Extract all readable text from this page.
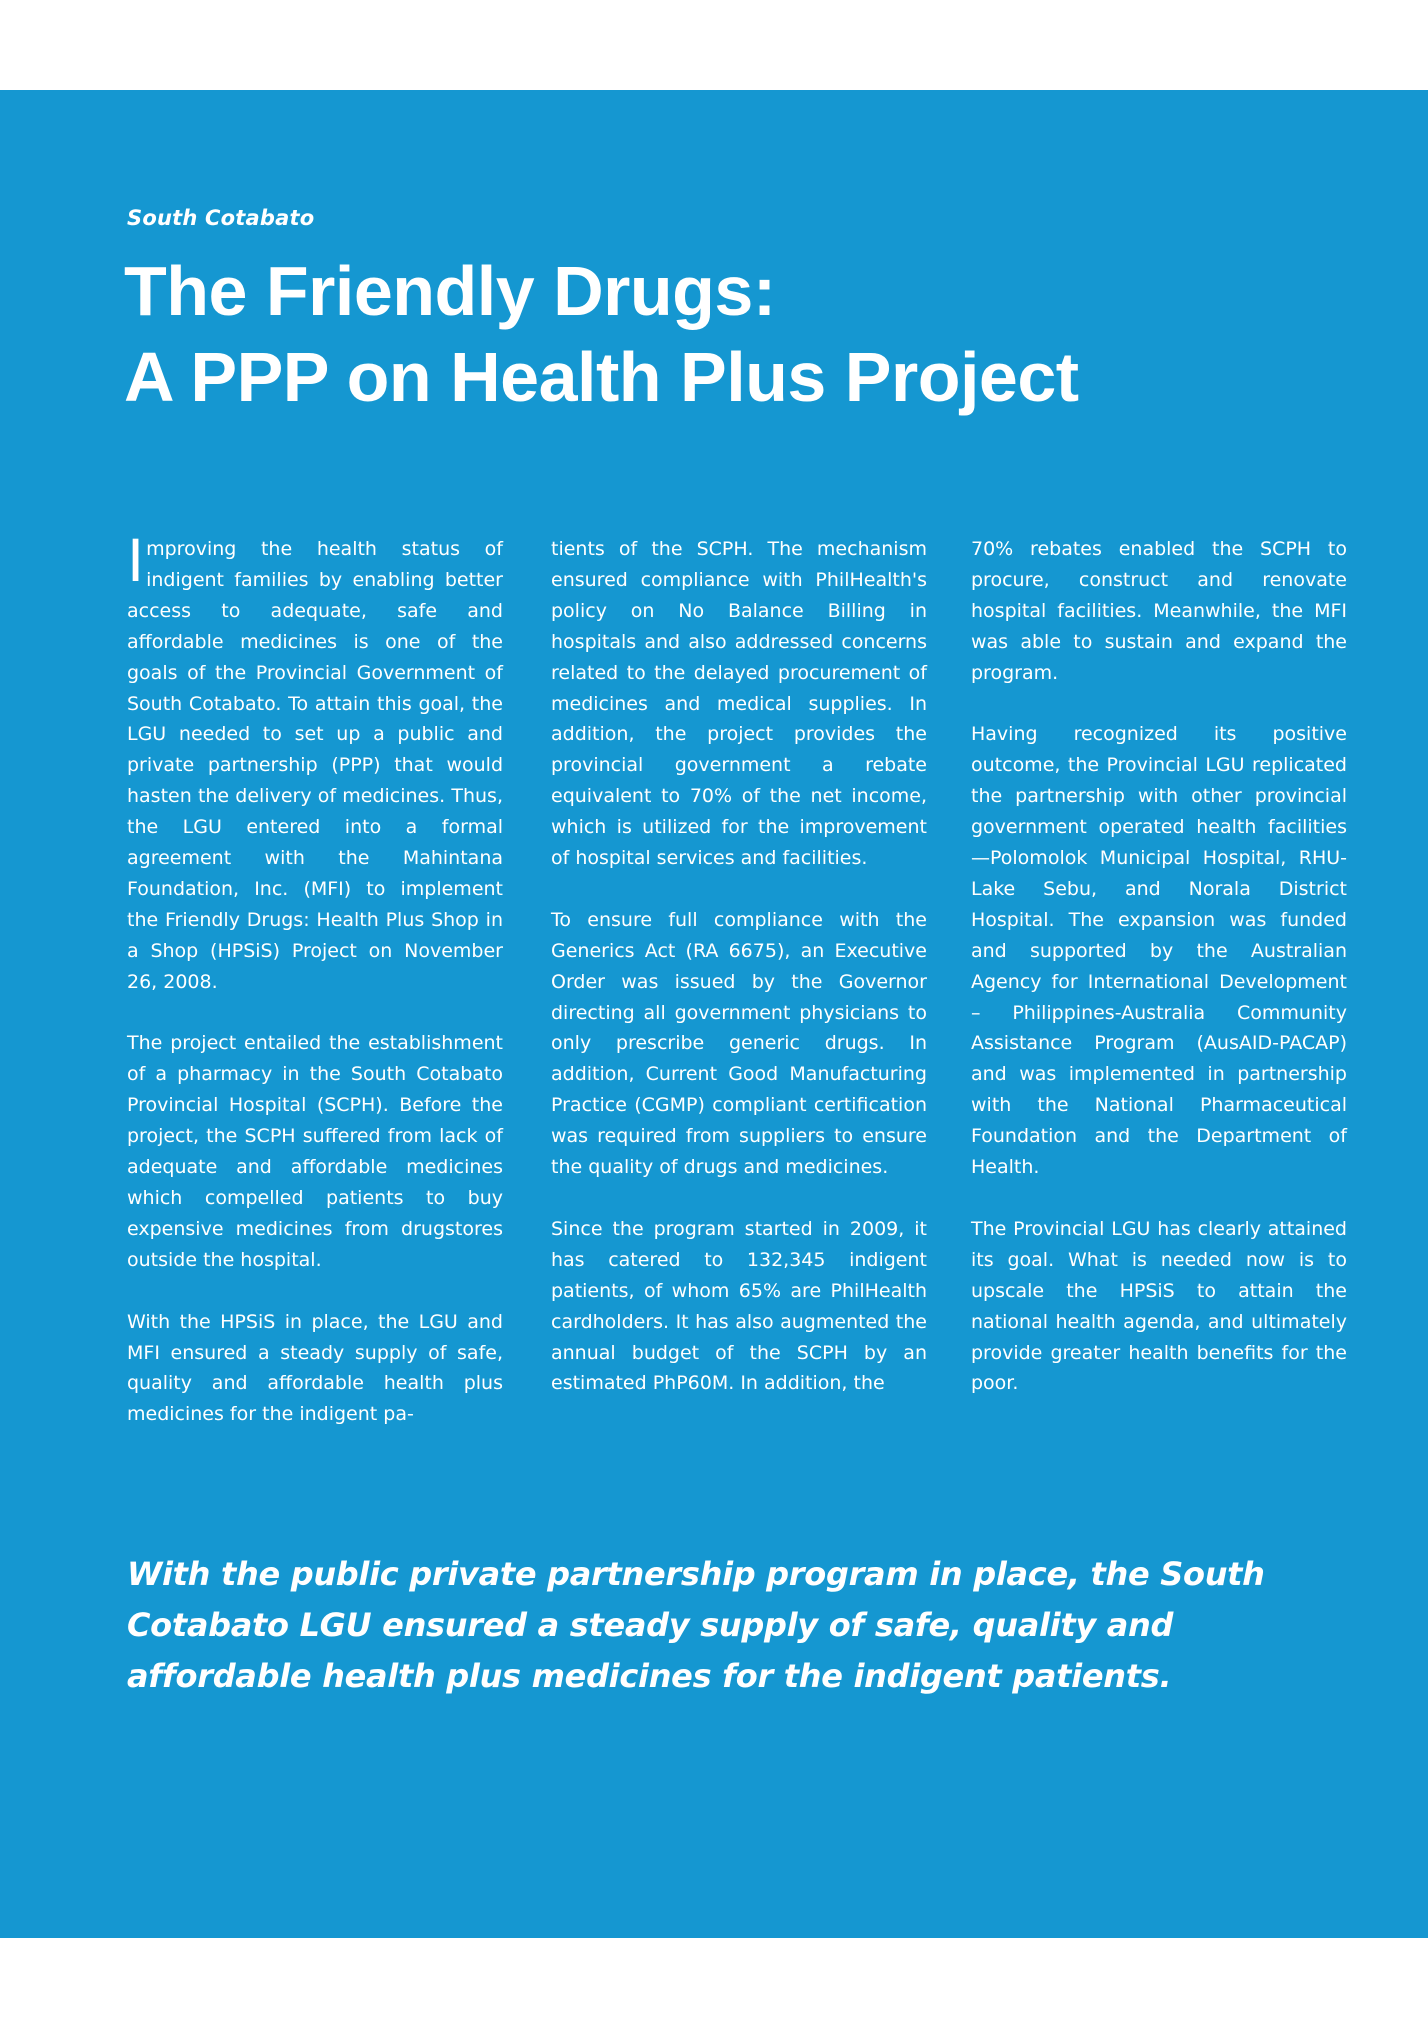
South Cotabato

The Friendly Drugs:
A PPP on Health Plus Project

Improving the health status of indigent families by enabling better access to adequate, safe and affordable medicines is one of the goals of the Provincial Government of South Cotabato. To attain this goal, the LGU needed to set up a public and private partnership (PPP) that would hasten the delivery of medicines. Thus, the LGU entered into a formal agreement with the Mahintana Foundation, Inc. (MFI) to implement the Friendly Drugs: Health Plus Shop in a Shop (HPSiS) Project on November 26, 2008.

The project entailed the establishment of a pharmacy in the South Cotabato Provincial Hospital (SCPH). Before the project, the SCPH suffered from lack of adequate and affordable medicines which compelled patients to buy expensive medicines from drugstores outside the hospital.

With the HPSiS in place, the LGU and MFI ensured a steady supply of safe, quality and affordable health plus medicines for the indigent pa-

tients of the SCPH. The mechanism ensured compliance with PhilHealth's policy on No Balance Billing in hospitals and also addressed concerns related to the delayed procurement of medicines and medical supplies. In addition, the project provides the provincial government a rebate equivalent to 70% of the net income, which is utilized for the improvement of hospital services and facilities.

To ensure full compliance with the Generics Act (RA 6675), an Executive Order was issued by the Governor directing all government physicians to only prescribe generic drugs. In addition, Current Good Manufacturing Practice (CGMP) compliant certification was required from suppliers to ensure the quality of drugs and medicines.

Since the program started in 2009, it has catered to 132,345 indigent patients, of whom 65% are PhilHealth cardholders. It has also augmented the annual budget of the SCPH by an estimated PhP60M. In addition, the

70% rebates enabled the SCPH to procure, construct and renovate hospital facilities. Meanwhile, the MFI was able to sustain and expand the program.

Having recognized its positive outcome, the Provincial LGU replicated the partnership with other provincial government operated health facilities—Polomolok Municipal Hospital, RHU-Lake Sebu, and Norala District Hospital. The expansion was funded and supported by the Australian Agency for International Development – Philippines-Australia Community Assistance Program (AusAID-PACAP) and was implemented in partnership with the National Pharmaceutical Foundation and the Department of Health.

The Provincial LGU has clearly attained its goal. What is needed now is to upscale the HPSiS to attain the national health agenda, and ultimately provide greater health benefits for the poor.

With the public private partnership program in place, the South Cotabato LGU ensured a steady supply of safe, quality and affordable health plus medicines for the indigent patients.
